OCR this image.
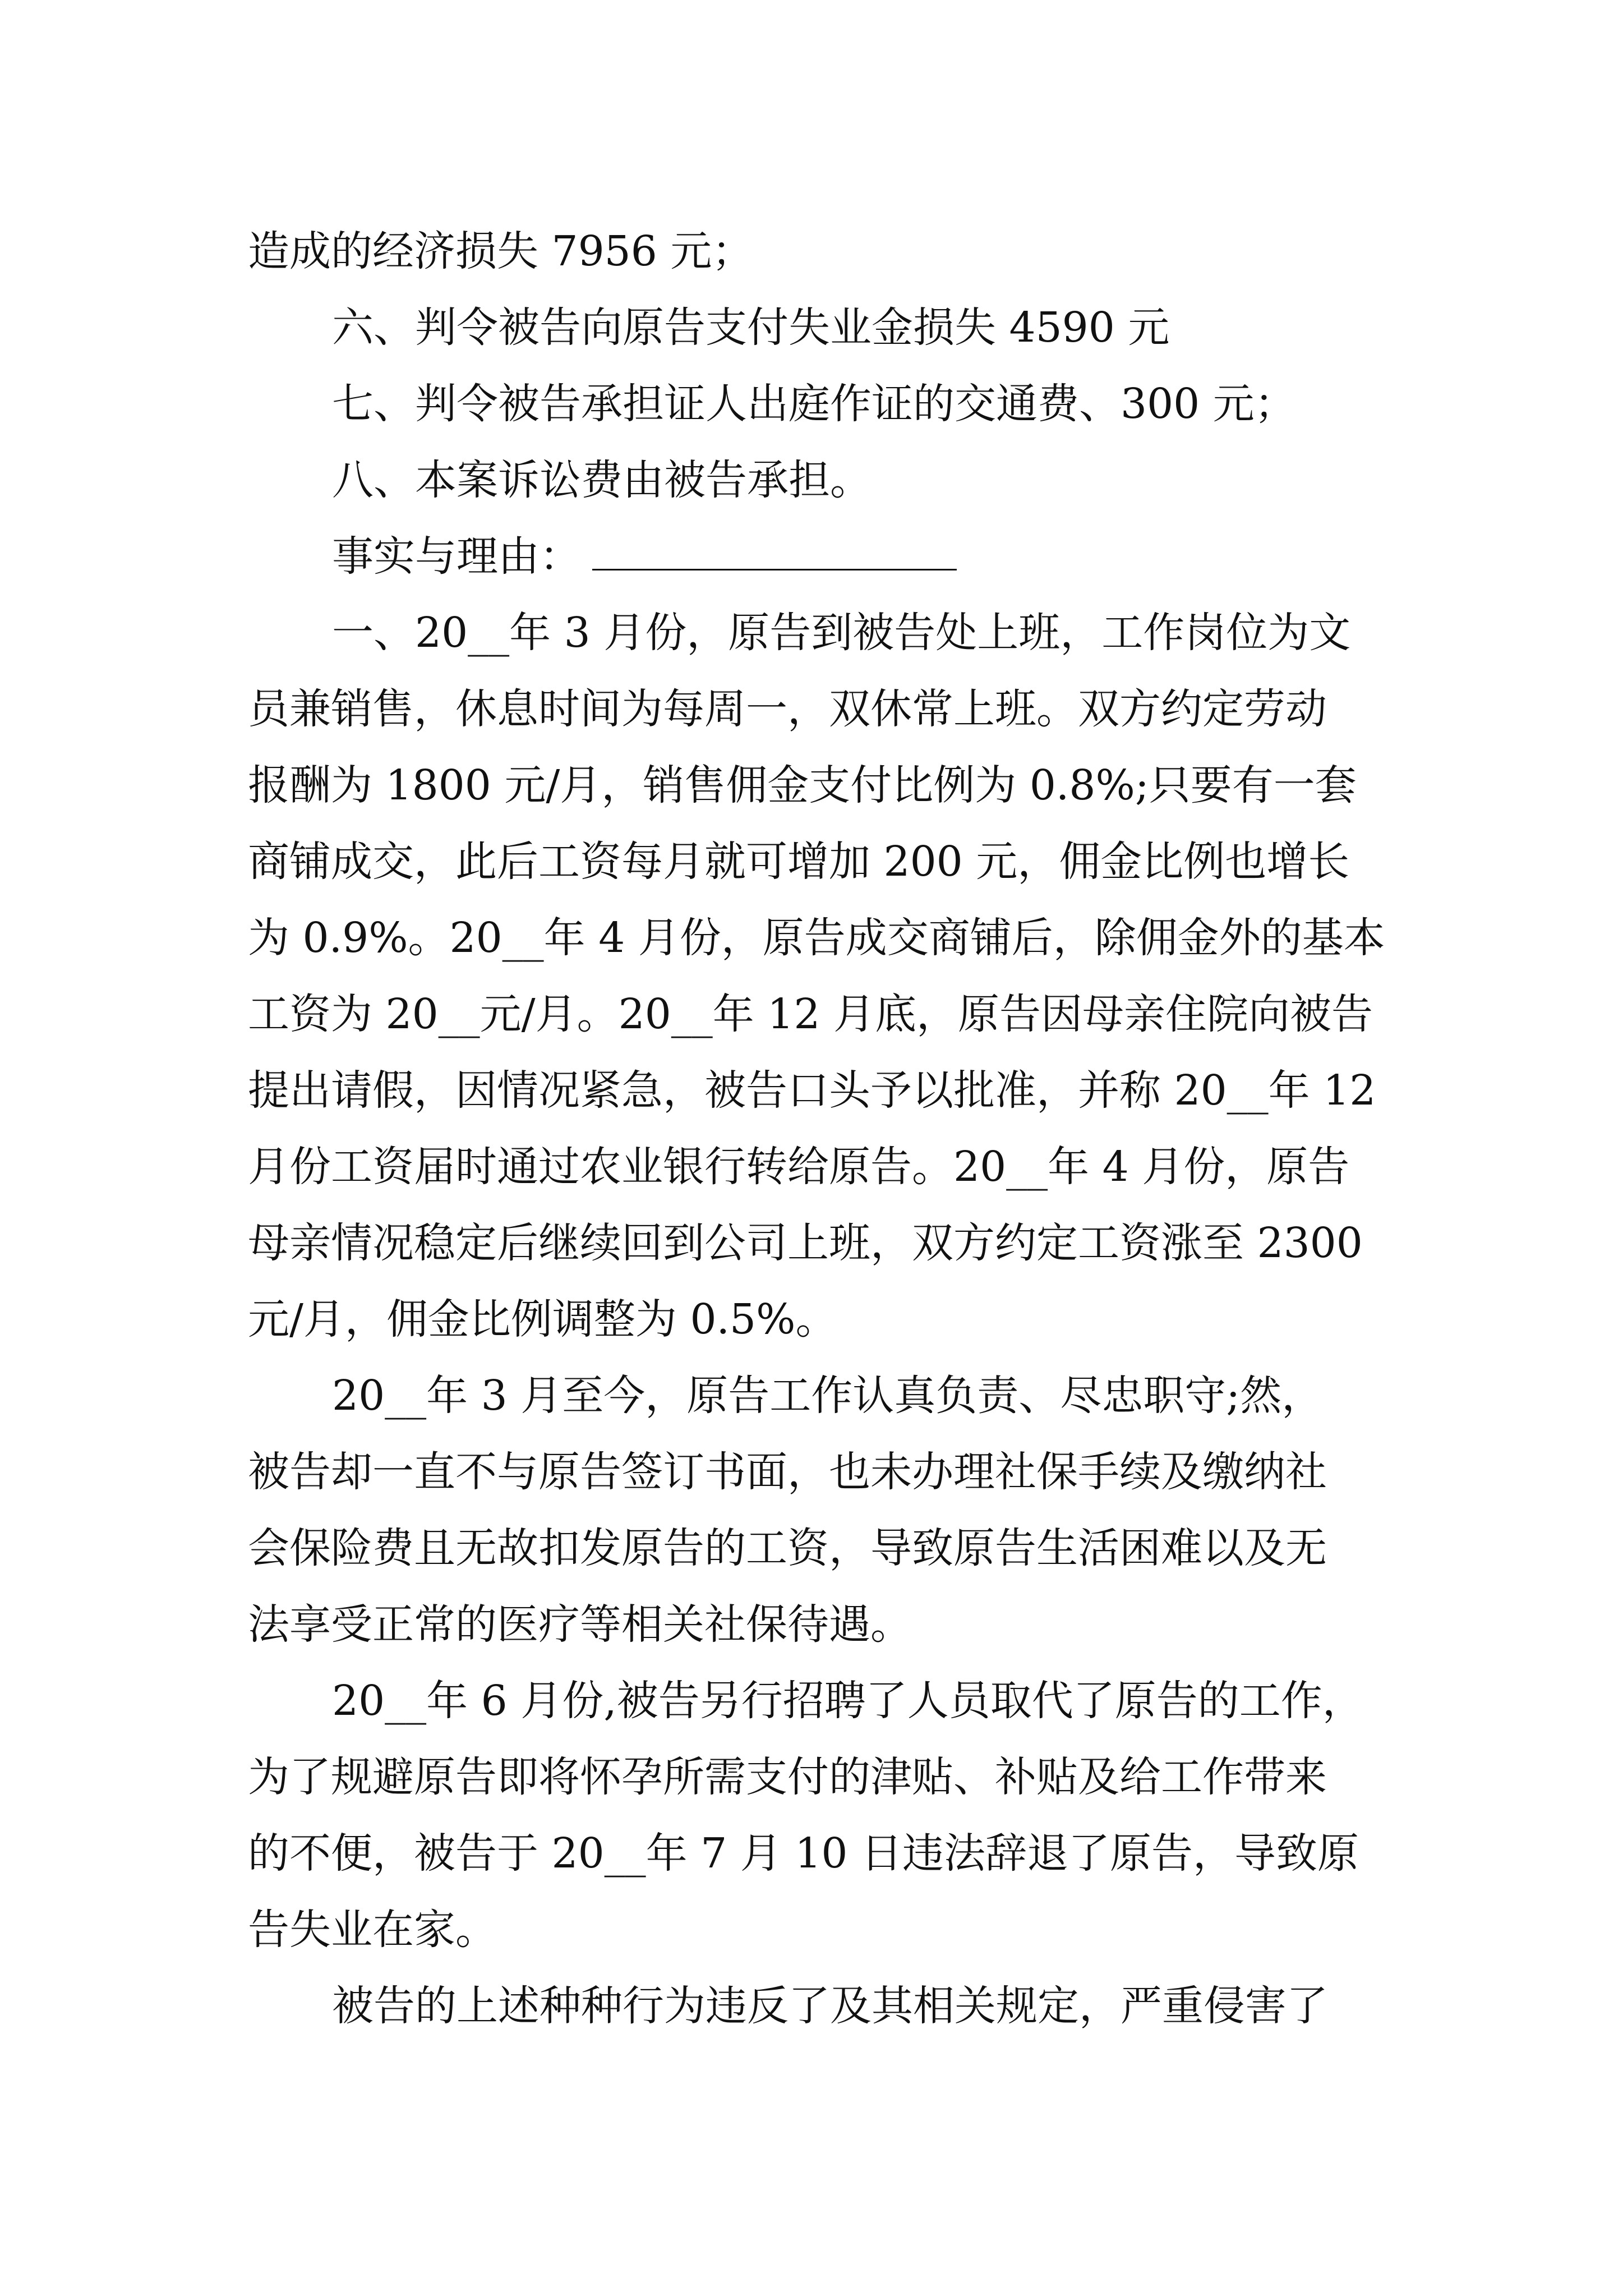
造成的经济损失 7956 元；
六、判令被告向原告支付失业金损失 4590 元
七、判令被告承担证人出庭作证的交通费、300 元；
八、本案诉讼费由被告承担。
事实与理由：
一、20__年 3 月份，原告到被告处上班，工作岗位为文
员兼销售，休息时间为每周一，双休常上班。双方约定劳动
报酬为 1800 元/月，销售佣金支付比例为 0.8%;只要有一套
商铺成交，此后工资每月就可增加 200 元，佣金比例也增长
为 0.9%。20__年 4 月份，原告成交商铺后，除佣金外的基本
工资为 20__元/月。20__年 12 月底，原告因母亲住院向被告
提出请假，因情况紧急，被告口头予以批准，并称 20__年 12
月份工资届时通过农业银行转给原告。20__年 4 月份，原告
母亲情况稳定后继续回到公司上班，双方约定工资涨至 2300
元/月，佣金比例调整为 0.5%。
20__年 3 月至今，原告工作认真负责、尽忠职守;然，
被告却一直不与原告签订书面，也未办理社保手续及缴纳社
会保险费且无故扣发原告的工资，导致原告生活困难以及无
法享受正常的医疗等相关社保待遇。
20__年 6 月份,被告另行招聘了人员取代了原告的工作，
为了规避原告即将怀孕所需支付的津贴、补贴及给工作带来
的不便，被告于 20__年 7 月 10 日违法辞退了原告，导致原
告失业在家。
被告的上述种种行为违反了及其相关规定，严重侵害了
